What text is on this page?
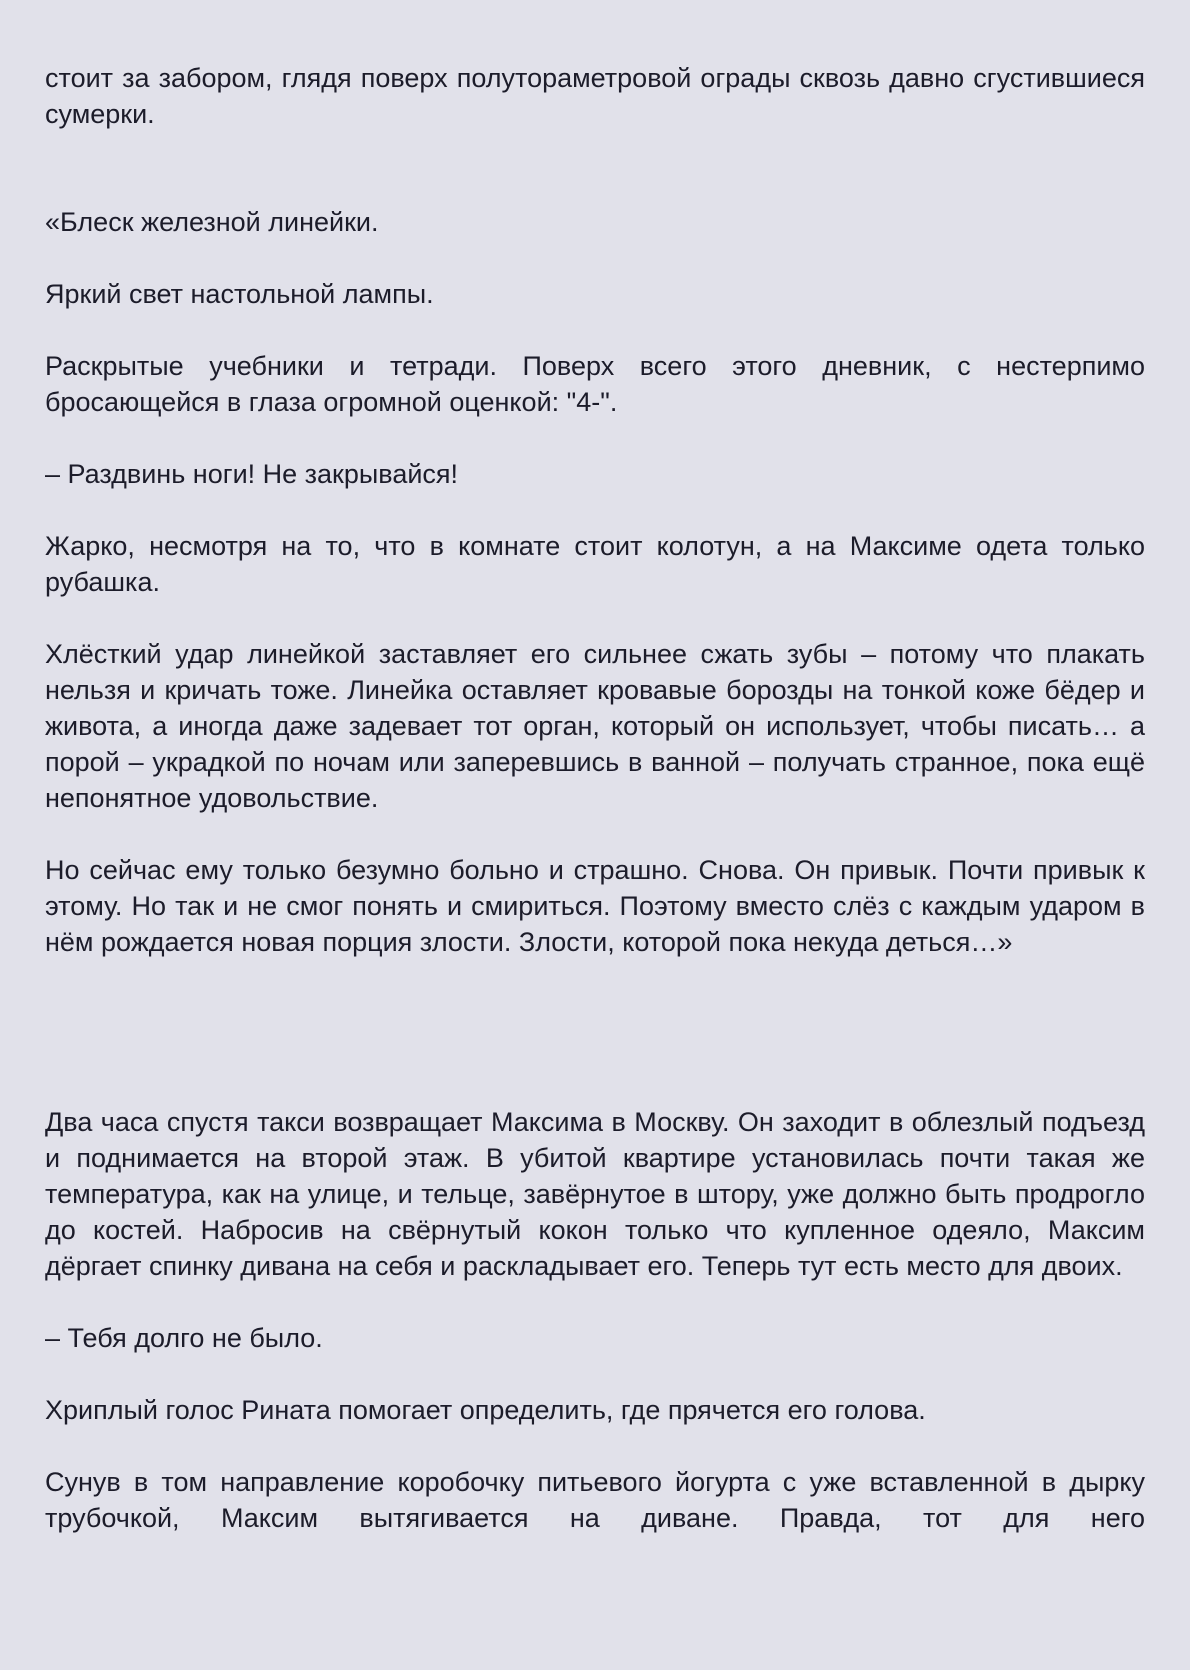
стоит за забором, глядя поверх полутораметровой ограды сквозь давно сгустившиеся сумерки.

«Блеск железной линейки.

Яркий свет настольной лампы.

Раскрытые учебники и тетради. Поверх всего этого дневник, с нестерпимо бросающейся в глаза огромной оценкой: "4-".

– Раздвинь ноги! Не закрывайся!

Жарко, несмотря на то, что в комнате стоит колотун, а на Максиме одета только рубашка.

Хлёсткий удар линейкой заставляет его сильнее сжать зубы – потому что плакать нельзя и кричать тоже. Линейка оставляет кровавые борозды на тонкой коже бёдер и живота, а иногда даже задевает тот орган, который он использует, чтобы писать… а порой – украдкой по ночам или заперевшись в ванной – получать странное, пока ещё непонятное удовольствие.

Но сейчас ему только безумно больно и страшно. Снова. Он привык. Почти привык к этому. Но так и не смог понять и смириться. Поэтому вместо слёз с каждым ударом в нём рождается новая порция злости. Злости, которой пока некуда деться…»

Два часа спустя такси возвращает Максима в Москву. Он заходит в облезлый подъезд и поднимается на второй этаж. В убитой квартире установилась почти такая же температура, как на улице, и тельце, завёрнутое в штору, уже должно быть продрогло до костей. Набросив на свёрнутый кокон только что купленное одеяло, Максим дёргает спинку дивана на себя и раскладывает его. Теперь тут есть место для двоих.

– Тебя долго не было.

Хриплый голос Рината помогает определить, где прячется его голова.

Сунув в том направление коробочку питьевого йогурта с уже вставленной в дырку трубочкой, Максим вытягивается на диване. Правда, тот для него
